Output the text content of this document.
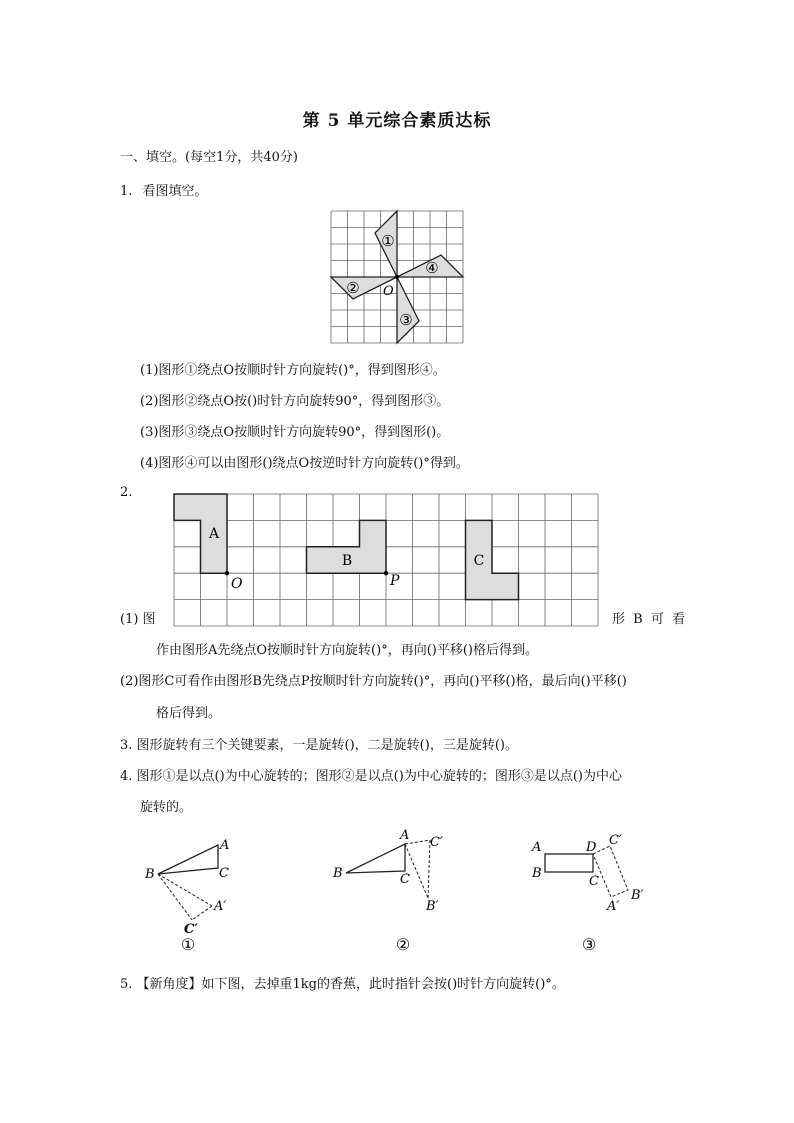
第 5 单元综合素质达标
一、填空。(每空1分，共40分)
1. 看图填空。
①
④
②
③
O
(1)图形①绕点O按顺时针方向旋转()°，得到图形④。
(2)图形②绕点O按()时针方向旋转90°，得到图形③。
(3)图形③绕点O按顺时针方向旋转90°，得到图形()。
(4)图形④可以由图形()绕点O按逆时针方向旋转()°得到。
2.
A
B	C
O	P
(1) 图	形 B 可 看
作由图形A先绕点O按顺时针方向旋转()°，再向()平移()格后得到。
(2)图形C可看作由图形B先绕点P按顺时针方向旋转()°，再向()平移()格，最后向()平移()
格后得到。
3. 图形旋转有三个关键要素，一是旋转()，二是旋转()，三是旋转()。
4. 图形①是以点()为中心旋转的；图形②是以点()为中心旋转的；图形③是以点()为中心
旋转的。
A
B	C
A′
C′
①
A
B	C
C′
B′
②
A
B
D
C
C′
B′
A′
③
5. 【新角度】如下图，去掉重1kg的香蕉，此时指针会按()时针方向旋转()°。
